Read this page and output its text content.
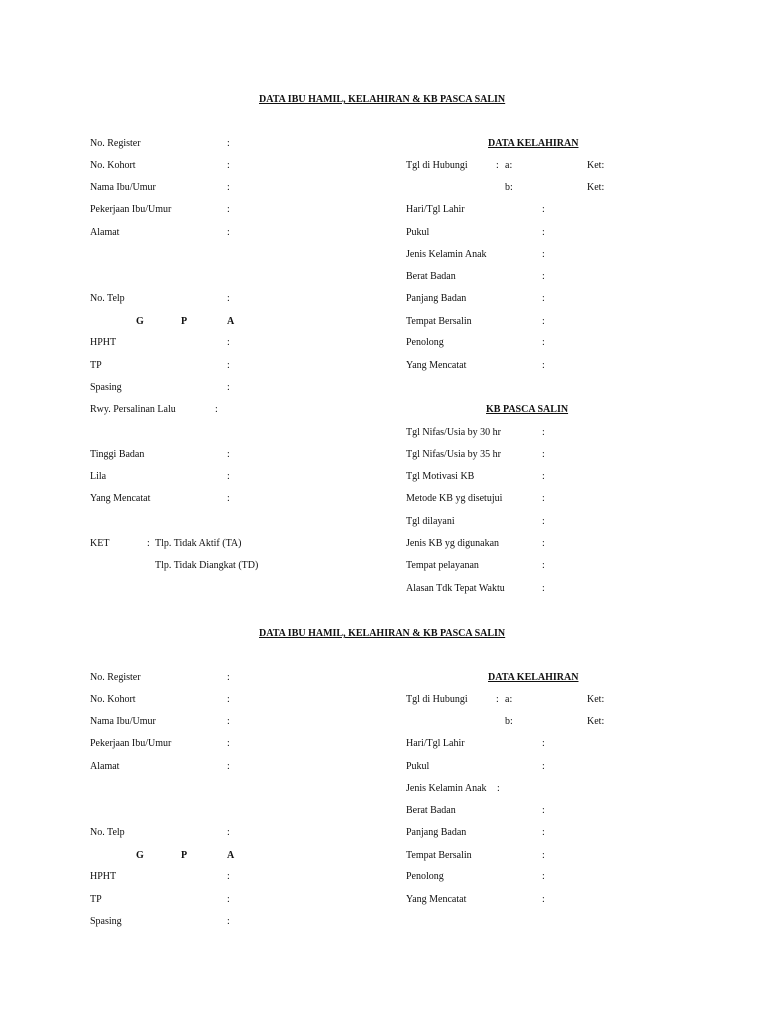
DATA IBU HAMIL, KELAHIRAN & KB PASCA SALIN
No. Register	:
No. Kohort	:
Nama Ibu/Umur	:
Pekerjaan Ibu/Umur	:
Alamat	:
No. Telp	:
G	P	A
HPHT	:
TP	:
Spasing	:
Rwy. Persalinan Lalu	:
Tinggi Badan	:
Lila	:
Yang Mencatat	:
KET	: Tlp. Tidak Aktif (TA)
Tlp. Tidak Diangkat (TD)
DATA KELAHIRAN
Tgl di Hubungi	: a:	Ket:
b:	Ket:
Hari/Tgl Lahir	:
Pukul	:
Jenis Kelamin Anak	:
Berat Badan	:
Panjang Badan	:
Tempat Bersalin	:
Penolong	:
Yang Mencatat	:
KB PASCA SALIN
Tgl Nifas/Usia by 30 hr	:
Tgl Nifas/Usia by 35 hr	:
Tgl Motivasi KB	:
Metode KB yg disetujui	:
Tgl dilayani	:
Jenis KB yg digunakan	:
Tempat pelayanan	:
Alasan Tdk Tepat Waktu	:
DATA IBU HAMIL, KELAHIRAN & KB PASCA SALIN
No. Register	:
No. Kohort	:
Nama Ibu/Umur	:
Pekerjaan Ibu/Umur	:
Alamat	:
No. Telp	:
G	P	A
HPHT	:
TP	:
Spasing	:
DATA KELAHIRAN
Tgl di Hubungi	: a:	Ket:
b:	Ket:
Hari/Tgl Lahir	:
Pukul	:
Jenis Kelamin Anak :
Berat Badan	:
Panjang Badan	:
Tempat Bersalin	:
Penolong	:
Yang Mencatat	:
